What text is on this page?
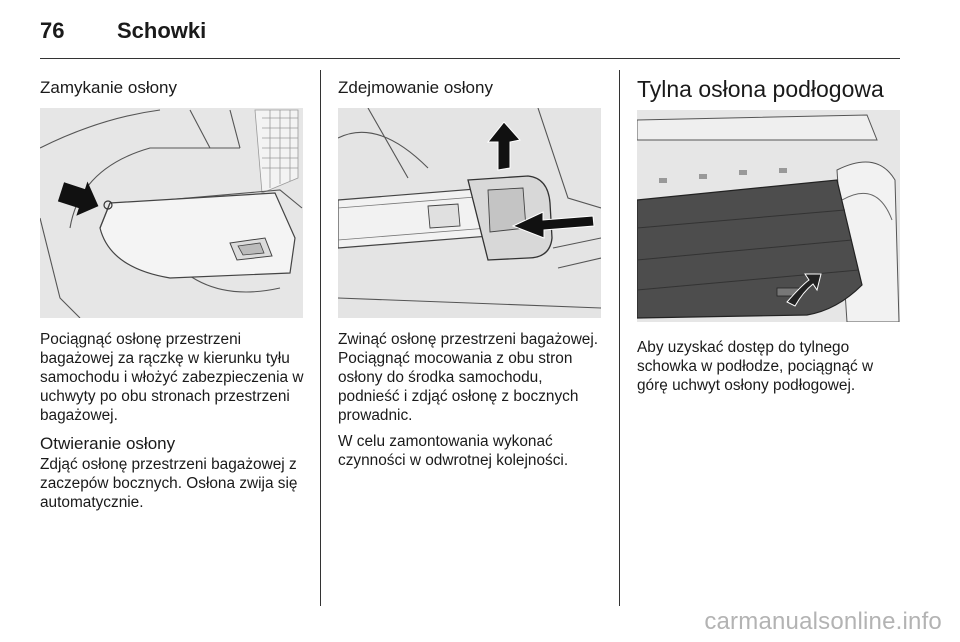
76 Schowki
Zamykanie osłony

Pociągnąć osłonę przestrzeni bagażowej za rączkę w kierunku tyłu samochodu i włożyć zabezpieczenia w uchwyty po obu stronach przestrzeni bagażowej.

Otwieranie osłony

Zdjąć osłonę przestrzeni bagażowej z zaczepów bocznych. Osłona zwija się automatycznie.

Zdejmowanie osłony

Zwinąć osłonę przestrzeni bagażowej. Pociągnąć mocowania z obu stron osłony do środka samochodu, podnieść i zdjąć osłonę z bocznych prowadnic.

W celu zamontowania wykonać czynności w odwrotnej kolejności.

Tylna osłona podłogowa

Aby uzyskać dostęp do tylnego schowka w podłodze, pociągnąć w górę uchwyt osłony podłogowej.

carmanualsonline.info
